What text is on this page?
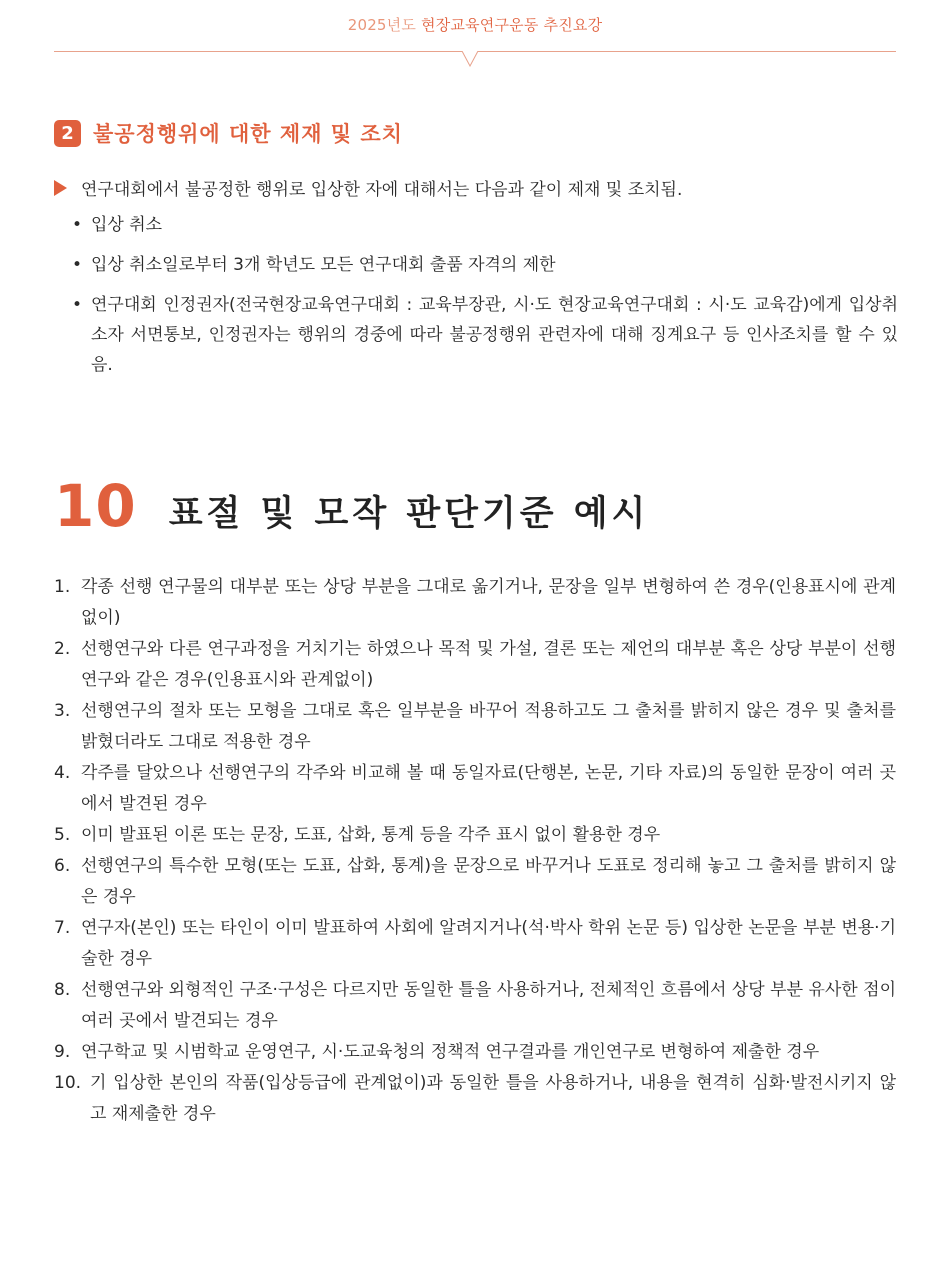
2025년도 현장교육연구운동 추진요강
2 불공정행위에 대한 제재 및 조치
연구대회에서 불공정한 행위로 입상한 자에 대해서는 다음과 같이 제재 및 조치됨.
• 입상 취소
• 입상 취소일로부터 3개 학년도 모든 연구대회 출품 자격의 제한
• 연구대회 인정권자(전국현장교육연구대회 : 교육부장관, 시·도 현장교육연구대회 : 시·도 교육감)에게 입상취소자 서면통보, 인정권자는 행위의 경중에 따라 불공정행위 관련자에 대해 징계요구 등 인사조치를 할 수 있음.
10 표절 및 모작 판단기준 예시
1. 각종 선행 연구물의 대부분 또는 상당 부분을 그대로 옮기거나, 문장을 일부 변형하여 쓴 경우(인용표시에 관계없이)
2. 선행연구와 다른 연구과정을 거치기는 하였으나 목적 및 가설, 결론 또는 제언의 대부분 혹은 상당 부분이 선행연구와 같은 경우(인용표시와 관계없이)
3. 선행연구의 절차 또는 모형을 그대로 혹은 일부분을 바꾸어 적용하고도 그 출처를 밝히지 않은 경우 및 출처를 밝혔더라도 그대로 적용한 경우
4. 각주를 달았으나 선행연구의 각주와 비교해 볼 때 동일자료(단행본, 논문, 기타 자료)의 동일한 문장이 여러 곳에서 발견된 경우
5. 이미 발표된 이론 또는 문장, 도표, 삽화, 통계 등을 각주 표시 없이 활용한 경우
6. 선행연구의 특수한 모형(또는 도표, 삽화, 통계)을 문장으로 바꾸거나 도표로 정리해 놓고 그 출처를 밝히지 않은 경우
7. 연구자(본인) 또는 타인이 이미 발표하여 사회에 알려지거나(석·박사 학위 논문 등) 입상한 논문을 부분 변용·기술한 경우
8. 선행연구와 외형적인 구조·구성은 다르지만 동일한 틀을 사용하거나, 전체적인 흐름에서 상당 부분 유사한 점이 여러 곳에서 발견되는 경우
9. 연구학교 및 시범학교 운영연구, 시·도교육청의 정책적 연구결과를 개인연구로 변형하여 제출한 경우
10. 기 입상한 본인의 작품(입상등급에 관계없이)과 동일한 틀을 사용하거나, 내용을 현격히 심화·발전시키지 않고 재제출한 경우
